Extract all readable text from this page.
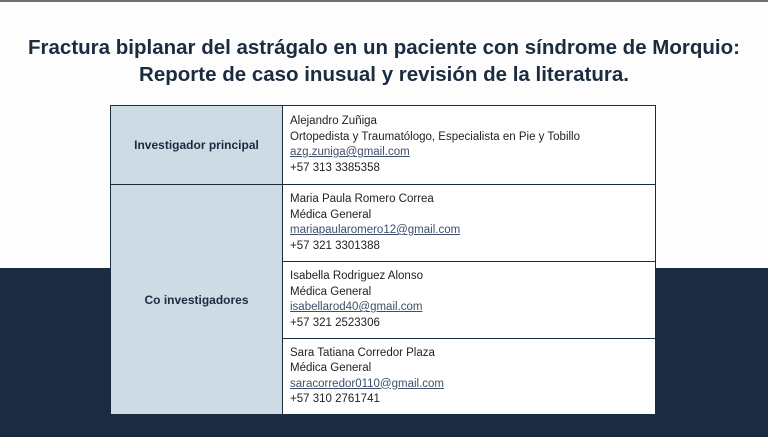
Fractura biplanar del astrágalo en un paciente con síndrome de Morquio:
Reporte de caso inusual y revisión de la literatura.
Investigador principal	Alejandro Zuñiga
Ortopedista y Traumatólogo, Especialista en Pie y Tobillo
azg.zuniga@gmail.com
+57 313 3385358

Co investigadores	Maria Paula Romero Correa
Médica General
mariapaularomero12@gmail.com
+57 321 3301388

	Isabella Rodriguez Alonso
Médica General
isabellarod40@gmail.com
+57 321 2523306

	Sara Tatiana Corredor Plaza
Médica General
saracorredor0110@gmail.com
+57 310 2761741
